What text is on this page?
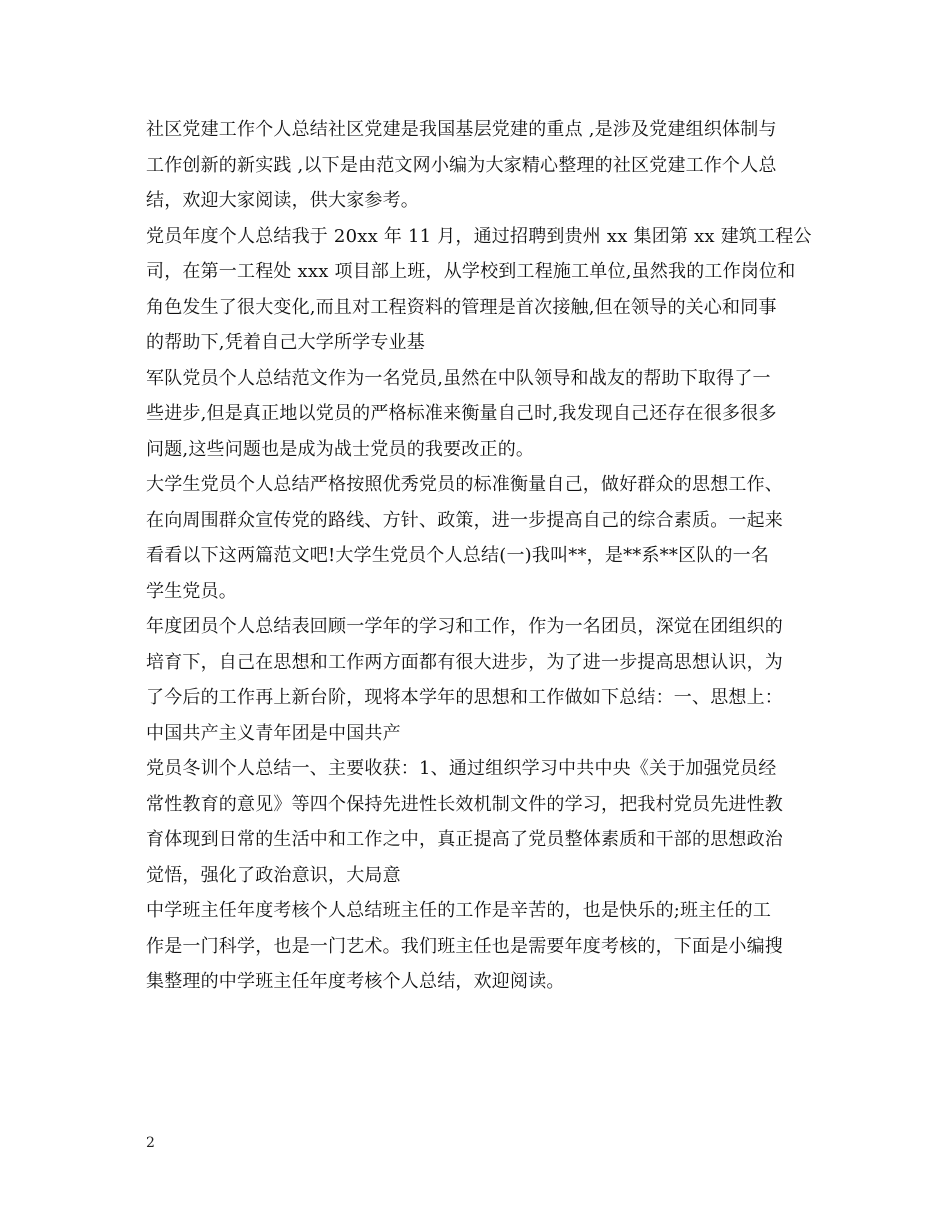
社区党建工作个人总结社区党建是我国基层党建的重点 ,是涉及党建组织体制与
工作创新的新实践 ,以下是由范文网小编为大家精心整理的社区党建工作个人总
结，欢迎大家阅读，供大家参考。
党员年度个人总结我于 20xx 年 11 月，通过招聘到贵州 xx 集团第 xx 建筑工程公
司，在第一工程处 xxx 项目部上班，从学校到工程施工单位,虽然我的工作岗位和
角色发生了很大变化,而且对工程资料的管理是首次接触,但在领导的关心和同事
的帮助下,凭着自己大学所学专业基
军队党员个人总结范文作为一名党员,虽然在中队领导和战友的帮助下取得了一
些进步,但是真正地以党员的严格标准来衡量自己时,我发现自己还存在很多很多
问题,这些问题也是成为战士党员的我要改正的。
大学生党员个人总结严格按照优秀党员的标准衡量自己，做好群众的思想工作、
在向周围群众宣传党的路线、方针、政策，进一步提高自己的综合素质。一起来
看看以下这两篇范文吧!大学生党员个人总结(一)我叫**，是**系**区队的一名
学生党员。
年度团员个人总结表回顾一学年的学习和工作，作为一名团员，深觉在团组织的
培育下，自己在思想和工作两方面都有很大进步，为了进一步提高思想认识，为
了今后的工作再上新台阶，现将本学年的思想和工作做如下总结：一、思想上：
中国共产主义青年团是中国共产
党员冬训个人总结一、主要收获：1、通过组织学习中共中央《关于加强党员经
常性教育的意见》等四个保持先进性长效机制文件的学习，把我村党员先进性教
育体现到日常的生活中和工作之中，真正提高了党员整体素质和干部的思想政治
觉悟，强化了政治意识，大局意
中学班主任年度考核个人总结班主任的工作是辛苦的，也是快乐的;班主任的工
作是一门科学，也是一门艺术。我们班主任也是需要年度考核的，下面是小编搜
集整理的中学班主任年度考核个人总结，欢迎阅读。
2
